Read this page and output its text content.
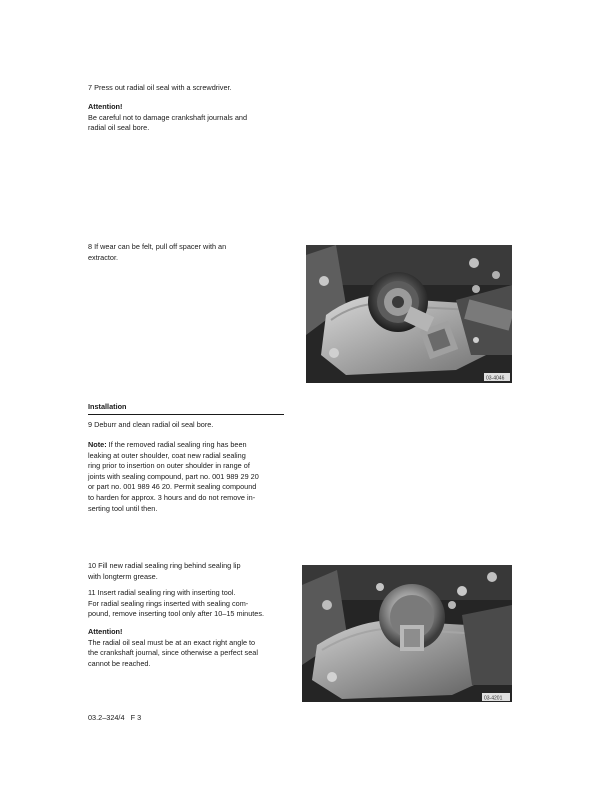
7 Press out radial oil seal with a screwdriver.

Attention!

Be careful not to damage crankshaft journals and

radial oil seal bore.

8 If wear can be felt, pull off spacer with an

extractor.

Installation

9 Deburr and clean radial oil seal bore.

Note: If the removed radial sealing ring has been

leaking at outer shoulder, coat new radial sealing

ring prior to insertion on outer shoulder in range of

joints with sealing compound, part no. 001 989 29 20

or part no. 001 989 46 20. Permit sealing compound

to harden for approx. 3 hours and do not remove in-

serting tool until then.

10 Fill new radial sealing ring behind sealing lip

with longterm grease.

11 Insert radial sealing ring with inserting tool.

For radial sealing rings inserted with sealing com-

pound, remove inserting tool only after 10–15 minutes.

Attention!

The radial oil seal must be at an exact right angle to

the crankshaft journal, since otherwise a perfect seal

cannot be reached.

03-4046
03-4201
03.2–324/4   F 3
